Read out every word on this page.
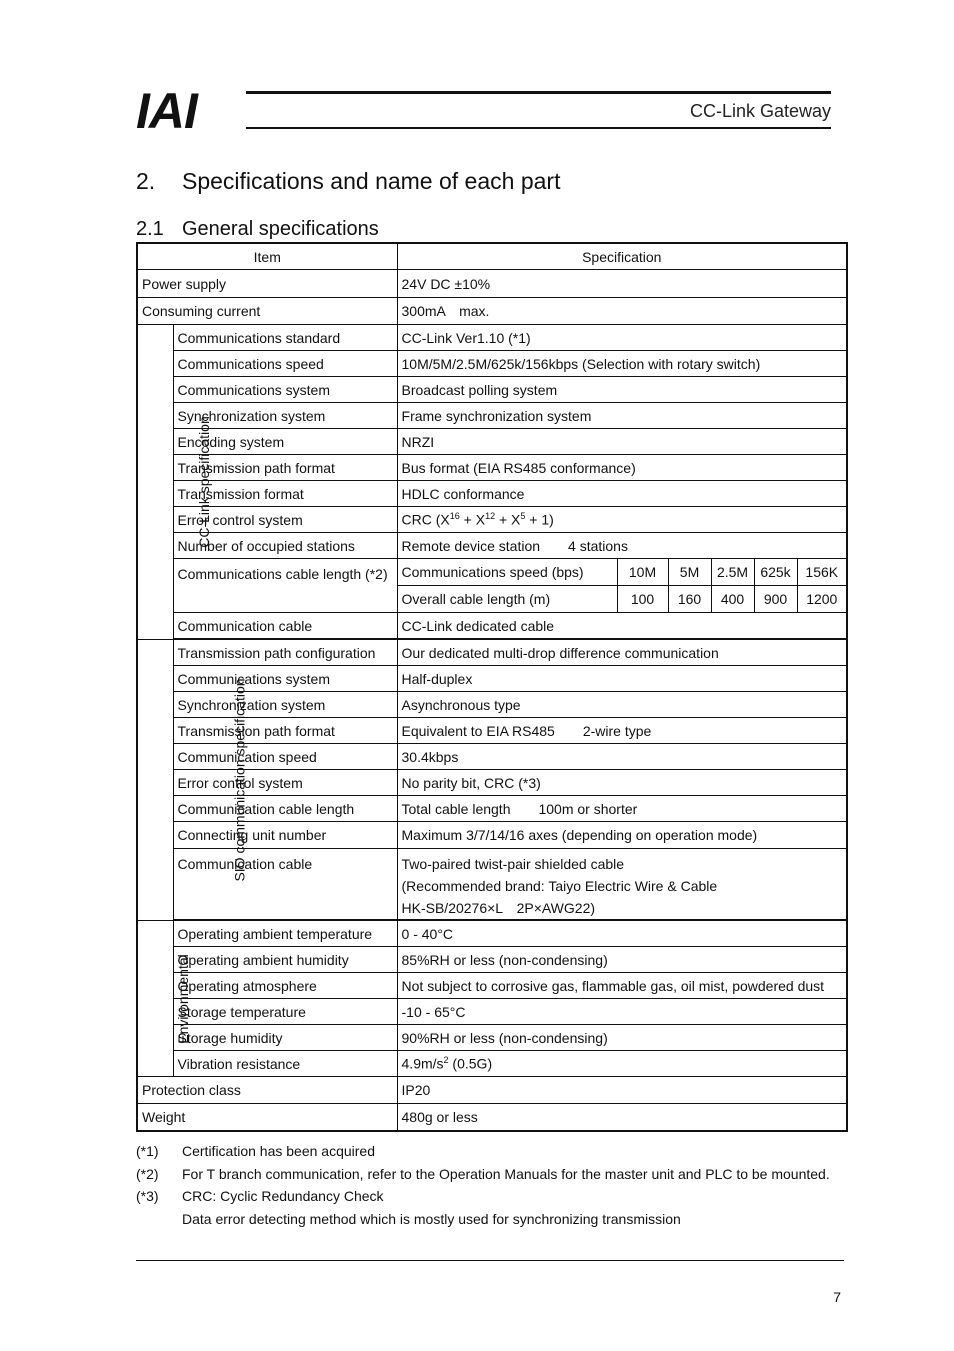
IAI	CC-Link Gateway
2. Specifications and name of each part
2.1 General specifications
Item		Specification					
Power supply		24V DC ±10%					
Consuming current		300mA　max.					
CC-Link specification	Communications standard	CC-Link Ver1.10 (*1)					
	Communications speed	10M/5M/2.5M/625k/156kbps (Selection with rotary switch)					
	Communications system	Broadcast polling system					
	Synchronization system	Frame synchronization system					
	Encoding system	NRZI					
	Transmission path format	Bus format (EIA RS485 conformance)					
	Transmission format	HDLC conformance					
	Error control system	CRC $(X^{16} + X^{12} + X^5 + 1)$					
	Number of occupied stations	Remote device station　　4 stations					
	Communications cable length (*2)	Communications speed (bps)	10M	5M	2.5M	625k	156K
		Overall cable length (m)	100	160	400	900	1200
	Communication cable	CC-Link dedicated cable					

SIO communication specification	Transmission path configuration	Our dedicated multi-drop difference communication					
	Communications system	Half-duplex					
	Synchronization system	Asynchronous type					
	Transmission path format	Equivalent to EIA RS485　　2-wire type					
	Communication speed	30.4kbps					
	Error control system	No parity bit, CRC (*3)					
	Communication cable length	Total cable length　　100m or shorter					
	Connecting unit number	Maximum 3/7/14/16 axes (depending on operation mode)					
	Communication cable	Two-paired twist-pair shielded cable
(Recommended brand: Taiyo Electric Wire & Cable
HK-SB/20276×L　2P×AWG22)					

Environmental	Operating ambient temperature	0 - 40°C					
	Operating ambient humidity	85%RH or less (non-condensing)					
	Operating atmosphere	Not subject to corrosive gas, flammable gas, oil mist, powdered dust					
	Storage temperature	-10 - 65°C					
	Storage humidity	90%RH or less (non-condensing)					
	Vibration resistance	$4.9m/s^2$ (0.5G)					
Protection class		IP20					
Weight		480g or less					
(*1)	Certification has been acquired
(*2)	For T branch communication, refer to the Operation Manuals for the master unit and PLC to be mounted.
(*3)	CRC: Cyclic Redundancy Check
Data error detecting method which is mostly used for synchronizing transmission
7
